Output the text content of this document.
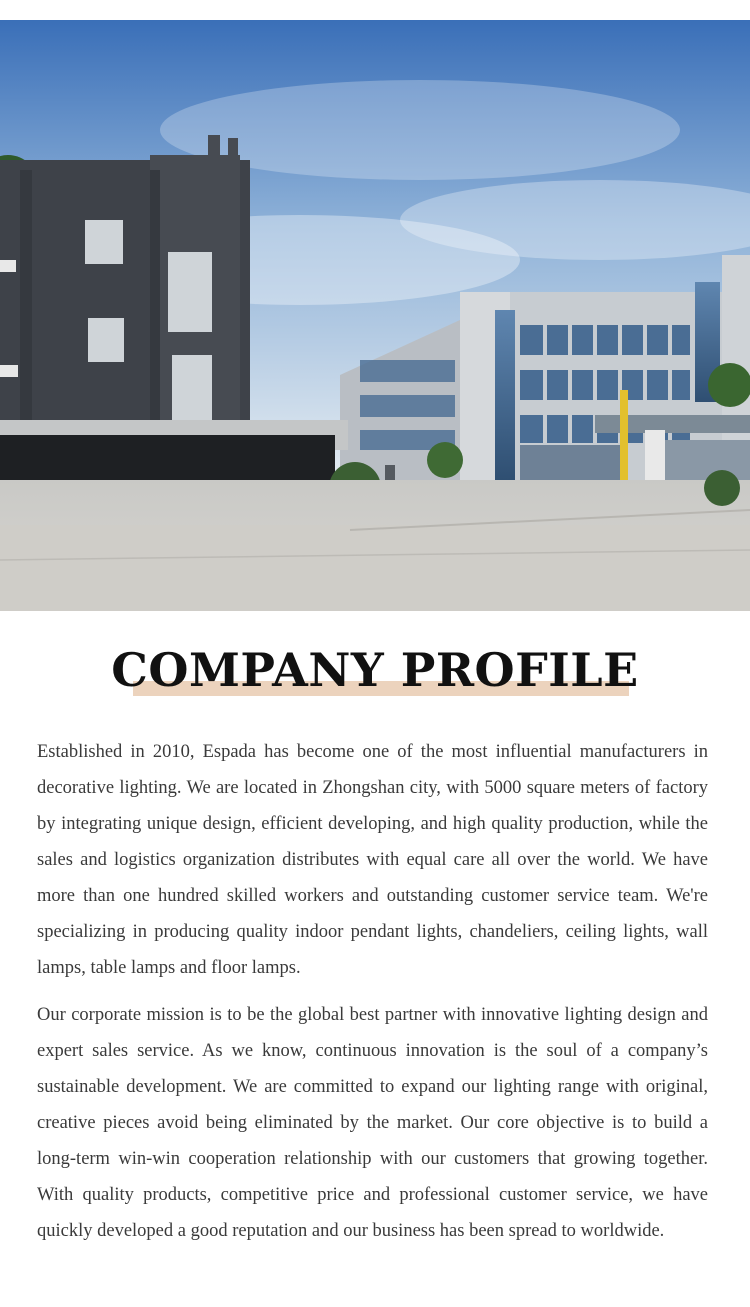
COMPANY PROFILE

Established in 2010, Espada has become one of the most influential manufacturers in decorative lighting. We are located in Zhongshan city, with 5000 square meters of factory by integrating unique design, efficient developing, and high quality production, while the sales and logistics organization distributes with equal care all over the world. We have more than one hundred skilled workers and outstanding customer service team. We're specializing in producing quality indoor pendant lights, chandeliers, ceiling lights, wall lamps, table lamps and floor lamps.

Our corporate mission is to be the global best partner with innovative lighting design and expert sales service. As we know, continuous innovation is the soul of a company’s sustainable development. We are committed to expand our lighting range with original, creative pieces avoid being eliminated by the market. Our core objective is to build a long-term win-win cooperation relationship with our customers that growing together. With quality products, competitive price and professional customer service, we have quickly developed a good reputation and our business has been spread to worldwide.
